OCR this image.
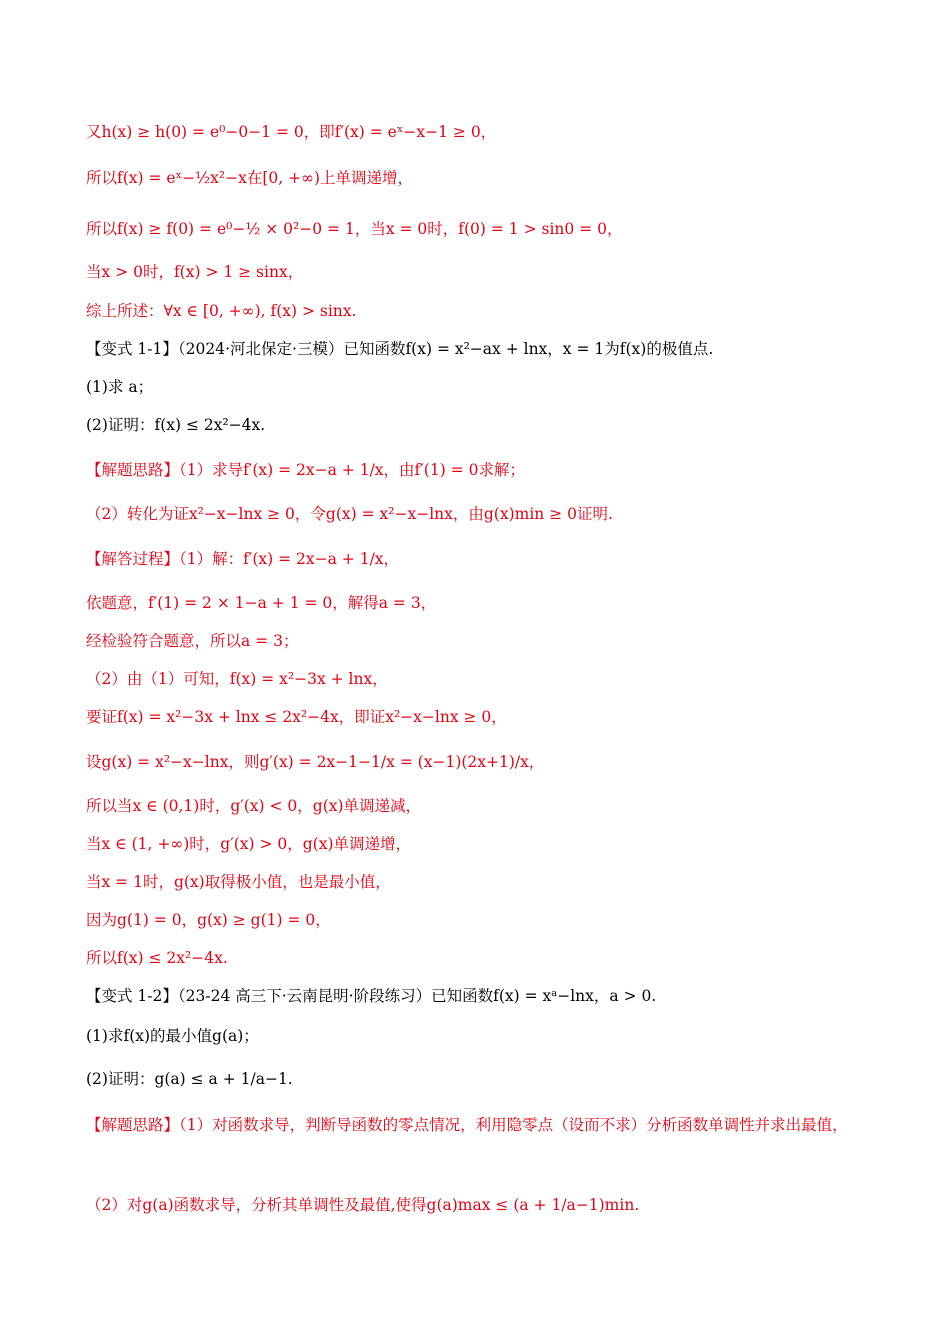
又h(x) ≥ h(0) = e⁰−0−1 = 0，即f′(x) = eˣ−x−1 ≥ 0，
所以f(x) = eˣ−½x²−x在[0, +∞)上单调递增，
所以f(x) ≥ f(0) = e⁰−½ × 0²−0 = 1，当x = 0时，f(0) = 1 > sin0 = 0，
当x > 0时，f(x) > 1 ≥ sinx，
综上所述：∀x ∈ [0, +∞), f(x) > sinx.
【变式 1-1】（2024·河北保定·三模）已知函数f(x) = x²−ax + lnx，x = 1为f(x)的极值点.
(1)求 a；
(2)证明：f(x) ≤ 2x²−4x.
【解题思路】（1）求导f′(x) = 2x−a + 1/x，由f′(1) = 0求解；
（2）转化为证x²−x−lnx ≥ 0，令g(x) = x²−x−lnx，由g(x)min ≥ 0证明.
【解答过程】（1）解：f′(x) = 2x−a + 1/x，
依题意，f′(1) = 2 × 1−a + 1 = 0，解得a = 3，
经检验符合题意，所以a = 3；
（2）由（1）可知，f(x) = x²−3x + lnx，
要证f(x) = x²−3x + lnx ≤ 2x²−4x，即证x²−x−lnx ≥ 0，
设g(x) = x²−x−lnx，则g′(x) = 2x−1−1/x = (x−1)(2x+1)/x，
所以当x ∈ (0,1)时，g′(x) < 0，g(x)单调递减，
当x ∈ (1, +∞)时，g′(x) > 0，g(x)单调递增，
当x = 1时，g(x)取得极小值，也是最小值，
因为g(1) = 0，g(x) ≥ g(1) = 0，
所以f(x) ≤ 2x²−4x.
【变式 1-2】（23-24 高三下·云南昆明·阶段练习）已知函数f(x) = xᵃ−lnx，a > 0.
(1)求f(x)的最小值g(a)；
(2)证明：g(a) ≤ a + 1/a−1.
【解题思路】（1）对函数求导，判断导函数的零点情况，利用隐零点（设而不求）分析函数单调性并求出最值，
（2）对g(a)函数求导，分析其单调性及最值,使得g(a)max ≤ (a + 1/a−1)min.
